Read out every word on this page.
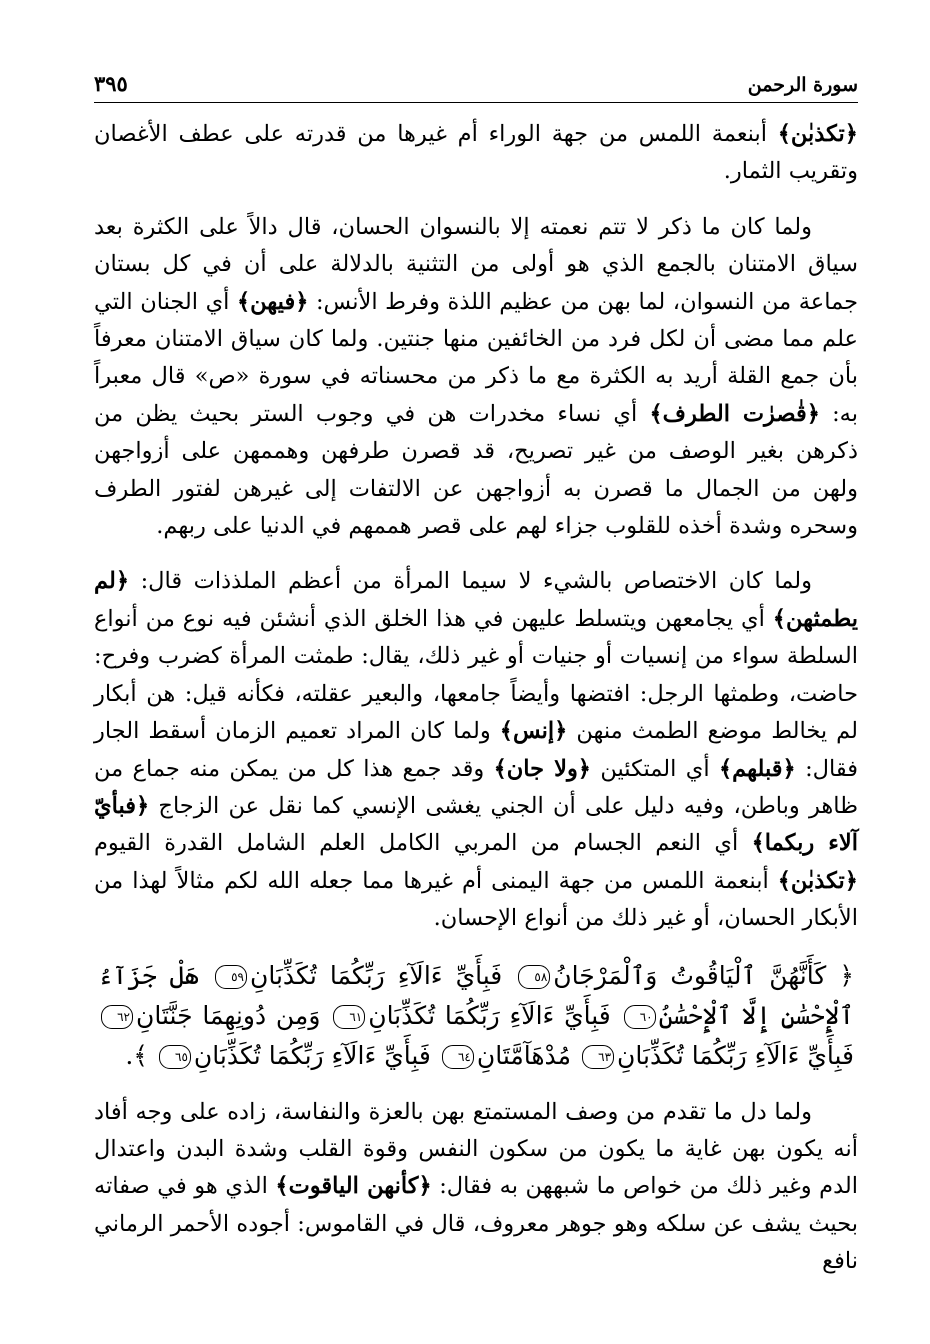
سورة الرحمن
٣٩٥

﴿تكذبٰن﴾ أبنعمة اللمس من جهة الوراء أم غيرها من قدرته على عطف الأغصان وتقريب الثمار.

ولما كان ما ذكر لا تتم نعمته إلا بالنسوان الحسان، قال دالاً على الكثرة بعد سياق الامتنان بالجمع الذي هو أولى من التثنية بالدلالة على أن في كل بستان جماعة من النسوان، لما بهن من عظيم اللذة وفرط الأنس: ﴿فيهن﴾ أي الجنان التي علم مما مضى أن لكل فرد من الخائفين منها جنتين. ولما كان سياق الامتنان معرفاً بأن جمع القلة أريد به الكثرة مع ما ذكر من محسناته في سورة «ص» قال معبراً به: ﴿قٰصرٰت الطرف﴾ أي نساء مخدرات هن في وجوب الستر بحيث يظن من ذكرهن بغير الوصف من غير تصريح، قد قصرن طرفهن وهممهن على أزواجهن ولهن من الجمال ما قصرن به أزواجهن عن الالتفات إلى غيرهن لفتور الطرف وسحره وشدة أخذه للقلوب جزاء لهم على قصر هممهم في الدنيا على ربهم.

ولما كان الاختصاص بالشيء لا سيما المرأة من أعظم الملذذات قال: ﴿لم يطمثهن﴾ أي يجامعهن ويتسلط عليهن في هذا الخلق الذي أنشئن فيه نوع من أنواع السلطة سواء من إنسيات أو جنيات أو غير ذلك، يقال: طمثت المرأة كضرب وفرح: حاضت، وطمثها الرجل: افتضها وأيضاً جامعها، والبعير عقلته، فكأنه قيل: هن أبكار لم يخالط موضع الطمث منهن ﴿إنس﴾ ولما كان المراد تعميم الزمان أسقط الجار فقال: ﴿قبلهم﴾ أي المتكئين ﴿ولا جان﴾ وقد جمع هذا كل من يمكن منه جماع من ظاهر وباطن، وفيه دليل على أن الجني يغشى الإنسي كما نقل عن الزجاج ﴿فبأيّ آلاء ربكما﴾ أي النعم الجسام من المربي الكامل العلم الشامل القدرة القيوم ﴿تكذبٰن﴾ أبنعمة اللمس من جهة اليمنى أم غيرها مما جعله الله لكم مثالاً لهذا من الأبكار الحسان، أو غير ذلك من أنواع الإحسان.

﴿ كَأَنَّهُنَّ ٱلْيَاقُوتُ وَٱلْمَرْجَانُ٥٨ فَبِأَيِّ ءَالَآءِ رَبِّكُمَا تُكَذِّبَانِ٥٩ هَلْ جَزَآءُ ٱلْإِحْسَٰنِ إِلَّا ٱلْإِحْسَٰنُ٦٠ فَبِأَيِّ ءَالَآءِ رَبِّكُمَا تُكَذِّبَانِ٦١ وَمِن دُونِهِمَا جَنَّتَانِ٦٢ فَبِأَيِّ ءَالَآءِ رَبِّكُمَا تُكَذِّبَانِ٦٣ مُدْهَآمَّتَانِ٦٤ فَبِأَيِّ ءَالَآءِ رَبِّكُمَا تُكَذِّبَانِ٦٥ ﴾.

ولما دل ما تقدم من وصف المستمتع بهن بالعزة والنفاسة، زاده على وجه أفاد أنه يكون بهن غاية ما يكون من سكون النفس وقوة القلب وشدة البدن واعتدال الدم وغير ذلك من خواص ما شبههن به فقال: ﴿كأنهن الياقوت﴾ الذي هو في صفاته بحيث يشف عن سلكه وهو جوهر معروف، قال في القاموس: أجوده الأحمر الرماني نافع
